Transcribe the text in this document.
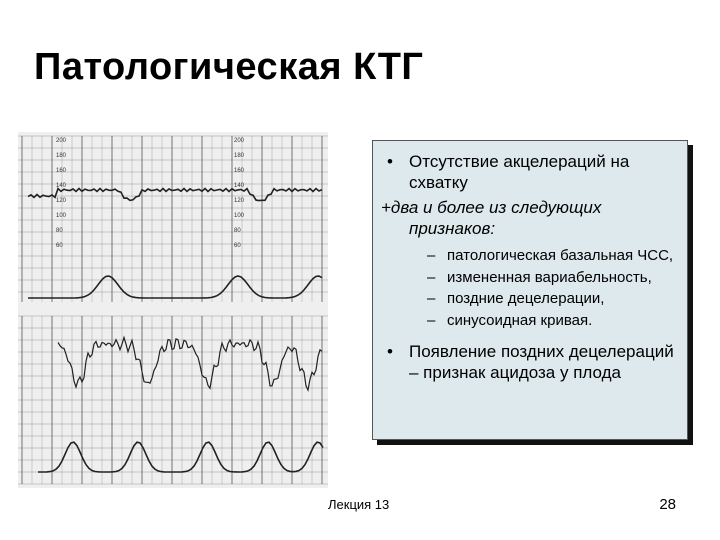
Патологическая КТГ
200
180
160
140
120
100
80
60
200
180
160
140
120
100
80
60
• Отсутствие акцелераций на схватку
+два и более из следующих
признаков:
– патологическая базальная ЧСС,
– измененная вариабельность,
– поздние децелерации,
– синусоидная кривая.
• Появление поздних децелераций – признак ацидоза у плода
Лекция 13	28
